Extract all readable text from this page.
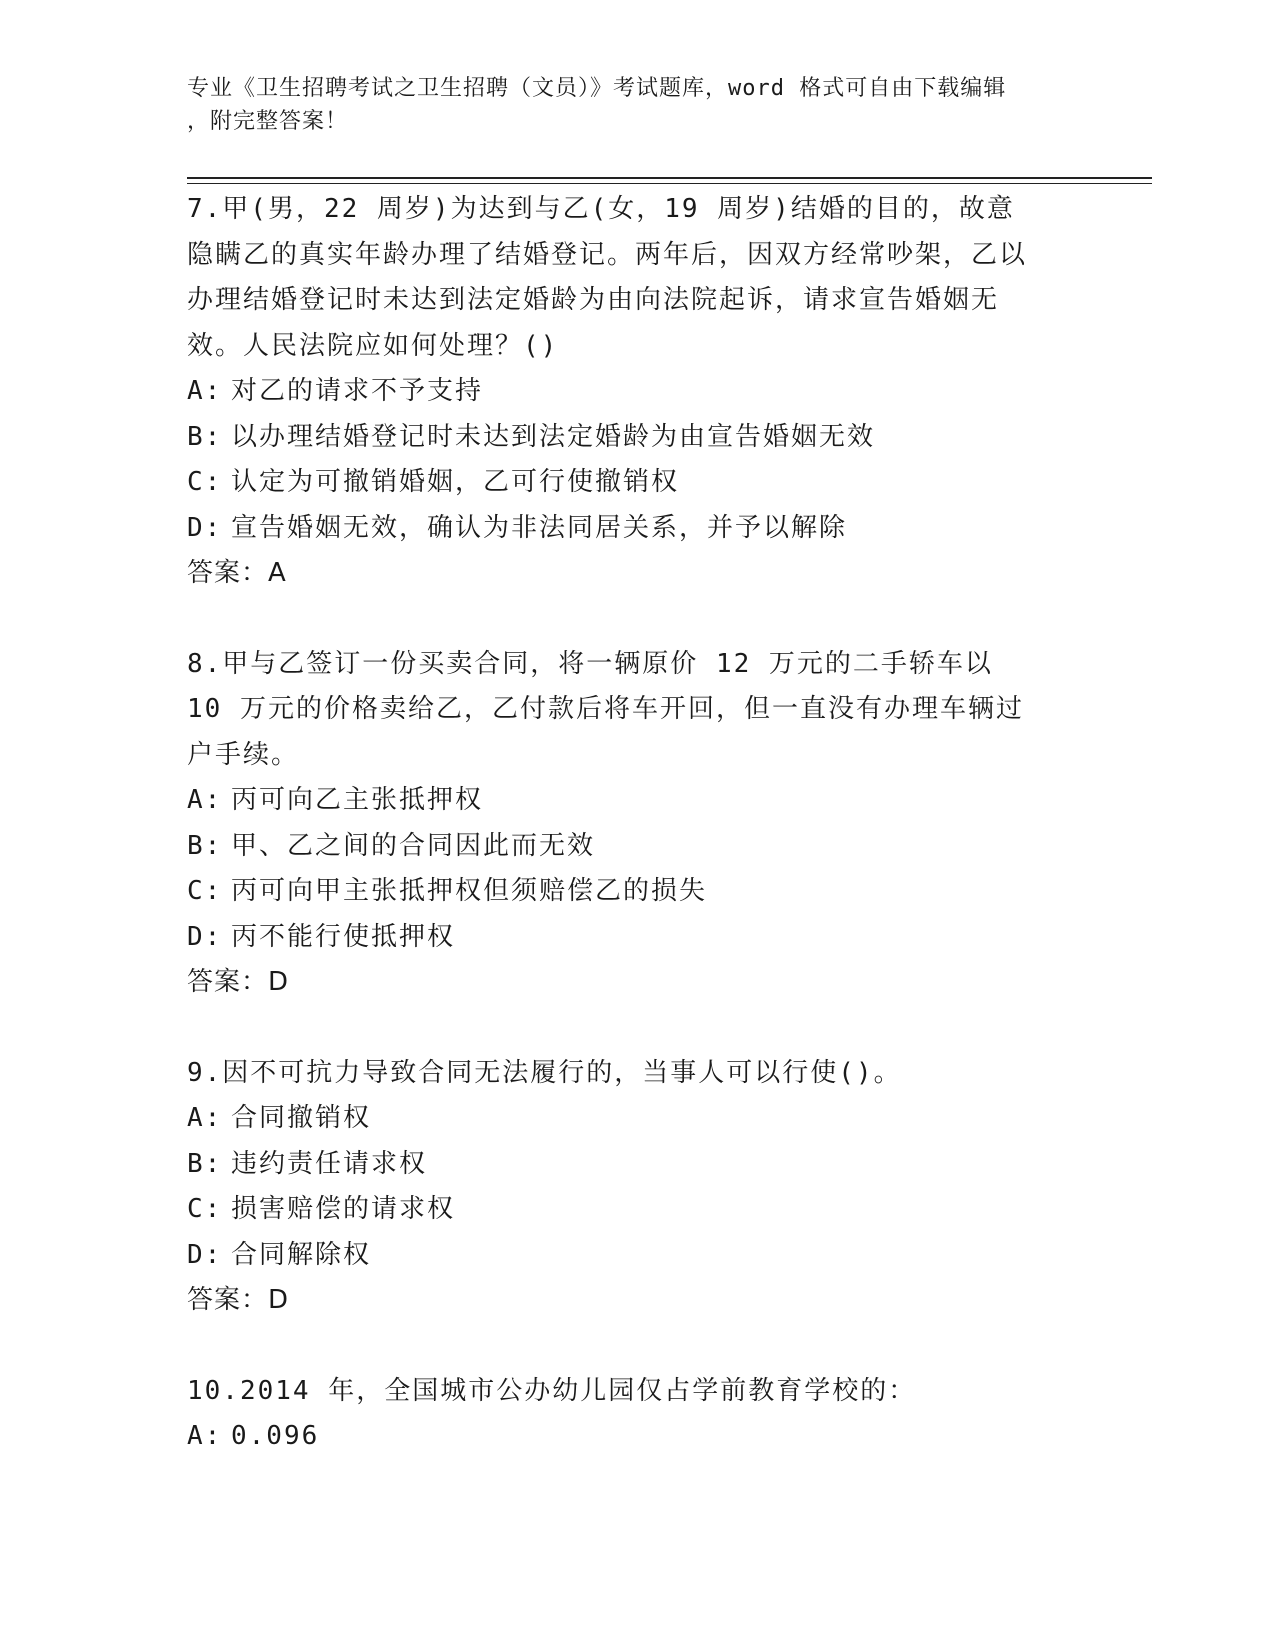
专业《卫生招聘考试之卫生招聘（文员）》考试题库，word 格式可自由下载编辑
，附完整答案！

7.甲(男，22 周岁)为达到与乙(女，19 周岁)结婚的目的，故意隐瞒乙的真实年龄办理了结婚登记。两年后，因双方经常吵架，乙以办理结婚登记时未达到法定婚龄为由向法院起诉，请求宣告婚姻无效。人民法院应如何处理？()

A: 对乙的请求不予支持

B: 以办理结婚登记时未达到法定婚龄为由宣告婚姻无效

C: 认定为可撤销婚姻，乙可行使撤销权

D: 宣告婚姻无效，确认为非法同居关系，并予以解除

答案：A

8.甲与乙签订一份买卖合同，将一辆原价 12 万元的二手轿车以 10 万元的价格卖给乙，乙付款后将车开回，但一直没有办理车辆过户手续。

A: 丙可向乙主张抵押权

B: 甲、乙之间的合同因此而无效

C: 丙可向甲主张抵押权但须赔偿乙的损失

D: 丙不能行使抵押权

答案：D

9.因不可抗力导致合同无法履行的，当事人可以行使()。

A: 合同撤销权

B: 违约责任请求权

C: 损害赔偿的请求权

D: 合同解除权

答案：D

10.2014 年，全国城市公办幼儿园仅占学前教育学校的：

A: 0.096
